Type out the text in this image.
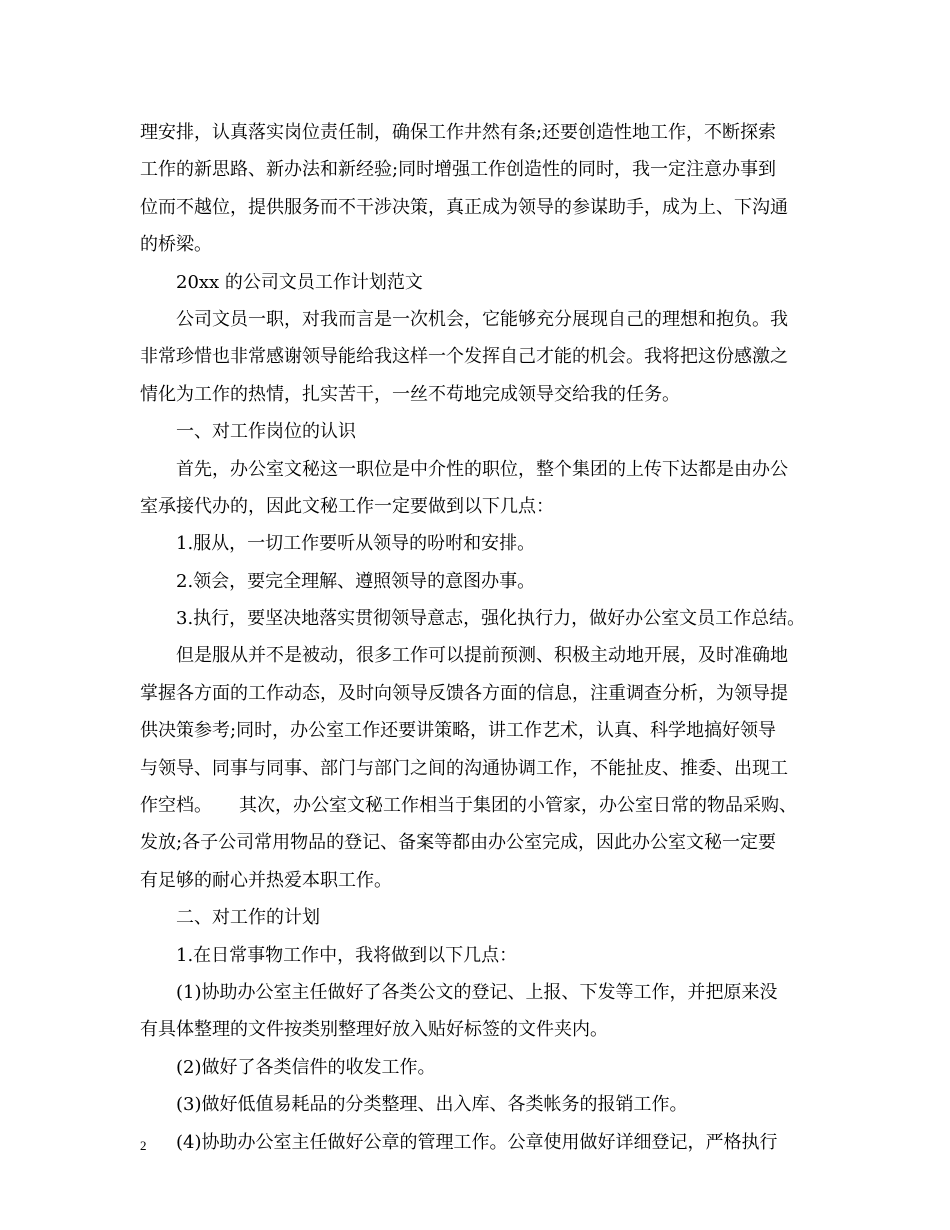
理安排，认真落实岗位责任制，确保工作井然有条;还要创造性地工作，不断探索
工作的新思路、新办法和新经验;同时增强工作创造性的同时，我一定注意办事到
位而不越位，提供服务而不干涉决策，真正成为领导的参谋助手，成为上、下沟通
的桥梁。
20xx 的公司文员工作计划范文
公司文员一职，对我而言是一次机会，它能够充分展现自己的理想和抱负。我
非常珍惜也非常感谢领导能给我这样一个发挥自己才能的机会。我将把这份感激之
情化为工作的热情，扎实苦干，一丝不苟地完成领导交给我的任务。
一、对工作岗位的认识
首先，办公室文秘这一职位是中介性的职位，整个集团的上传下达都是由办公
室承接代办的，因此文秘工作一定要做到以下几点：
1.服从，一切工作要听从领导的吩咐和安排。
2.领会，要完全理解、遵照领导的意图办事。
3.执行，要坚决地落实贯彻领导意志，强化执行力，做好办公室文员工作总结。
但是服从并不是被动，很多工作可以提前预测、积极主动地开展，及时准确地
掌握各方面的工作动态，及时向领导反馈各方面的信息，注重调查分析，为领导提
供决策参考;同时，办公室工作还要讲策略，讲工作艺术，认真、科学地搞好领导
与领导、同事与同事、部门与部门之间的沟通协调工作，不能扯皮、推委、出现工
作空档。　　其次，办公室文秘工作相当于集团的小管家，办公室日常的物品采购、
发放;各子公司常用物品的登记、备案等都由办公室完成，因此办公室文秘一定要
有足够的耐心并热爱本职工作。
二、对工作的计划
1.在日常事物工作中，我将做到以下几点：
(1)协助办公室主任做好了各类公文的登记、上报、下发等工作，并把原来没
有具体整理的文件按类别整理好放入贴好标签的文件夹内。
(2)做好了各类信件的收发工作。
(3)做好低值易耗品的分类整理、出入库、各类帐务的报销工作。
(4)协助办公室主任做好公章的管理工作。公章使用做好详细登记，严格执行
2
